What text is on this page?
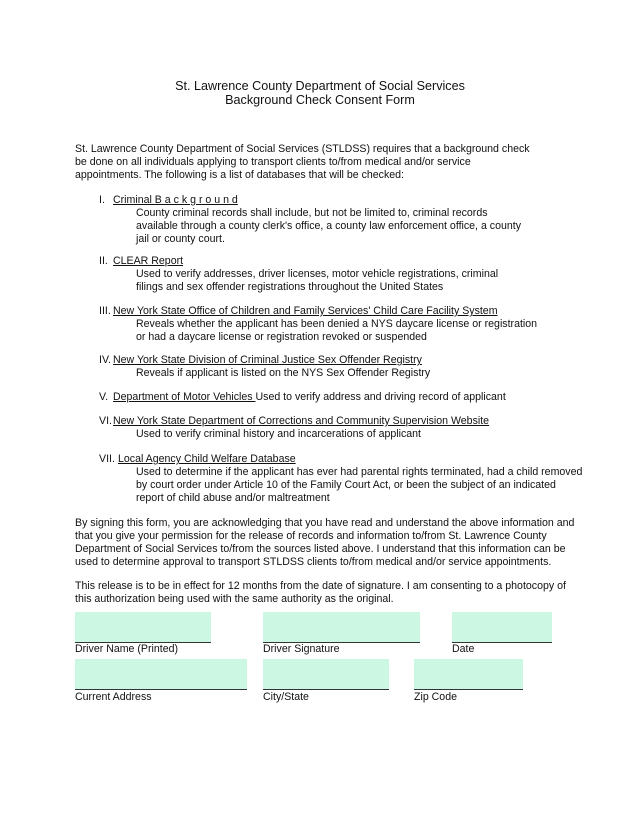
St. Lawrence County Department of Social Services
Background Check Consent Form
St. Lawrence County Department of Social Services (STLDSS) requires that a background check
be done on all individuals applying to transport clients to/from medical and/or service
appointments. The following is a list of databases that will be checked:
I. Criminal B a c k g r o u n d
County criminal records shall include, but not be limited to, criminal records
available through a county clerk's office, a county law enforcement office, a county
jail or county court.
II. CLEAR Report
Used to verify addresses, driver licenses, motor vehicle registrations, criminal
filings and sex offender registrations throughout the United States
III. New York State Office of Children and Family Services' Child Care Facility System
Reveals whether the applicant has been denied a NYS daycare license or registration
or had a daycare license or registration revoked or suspended
IV. New York State Division of Criminal Justice Sex Offender Registry
Reveals if applicant is listed on the NYS Sex Offender Registry
V. Department of Motor Vehicles Used to verify address and driving record of applicant
VI.New York State Department of Corrections and Community Supervision Website
Used to verify criminal history and incarcerations of applicant
VII. Local Agency Child Welfare Database
Used to determine if the applicant has ever had parental rights terminated, had a child removed
by court order under Article 10 of the Family Court Act, or been the subject of an indicated
report of child abuse and/or maltreatment
By signing this form, you are acknowledging that you have read and understand the above information and
that you give your permission for the release of records and information to/from St. Lawrence County
Department of Social Services to/from the sources listed above. I understand that this information can be
used to determine approval to transport STLDSS clients to/from medical and/or service appointments.
This release is to be in effect for 12 months from the date of signature. I am consenting to a photocopy of
this authorization being used with the same authority as the original.
Driver Name (Printed)	Driver Signature	Date
Current Address	City/State	Zip Code
